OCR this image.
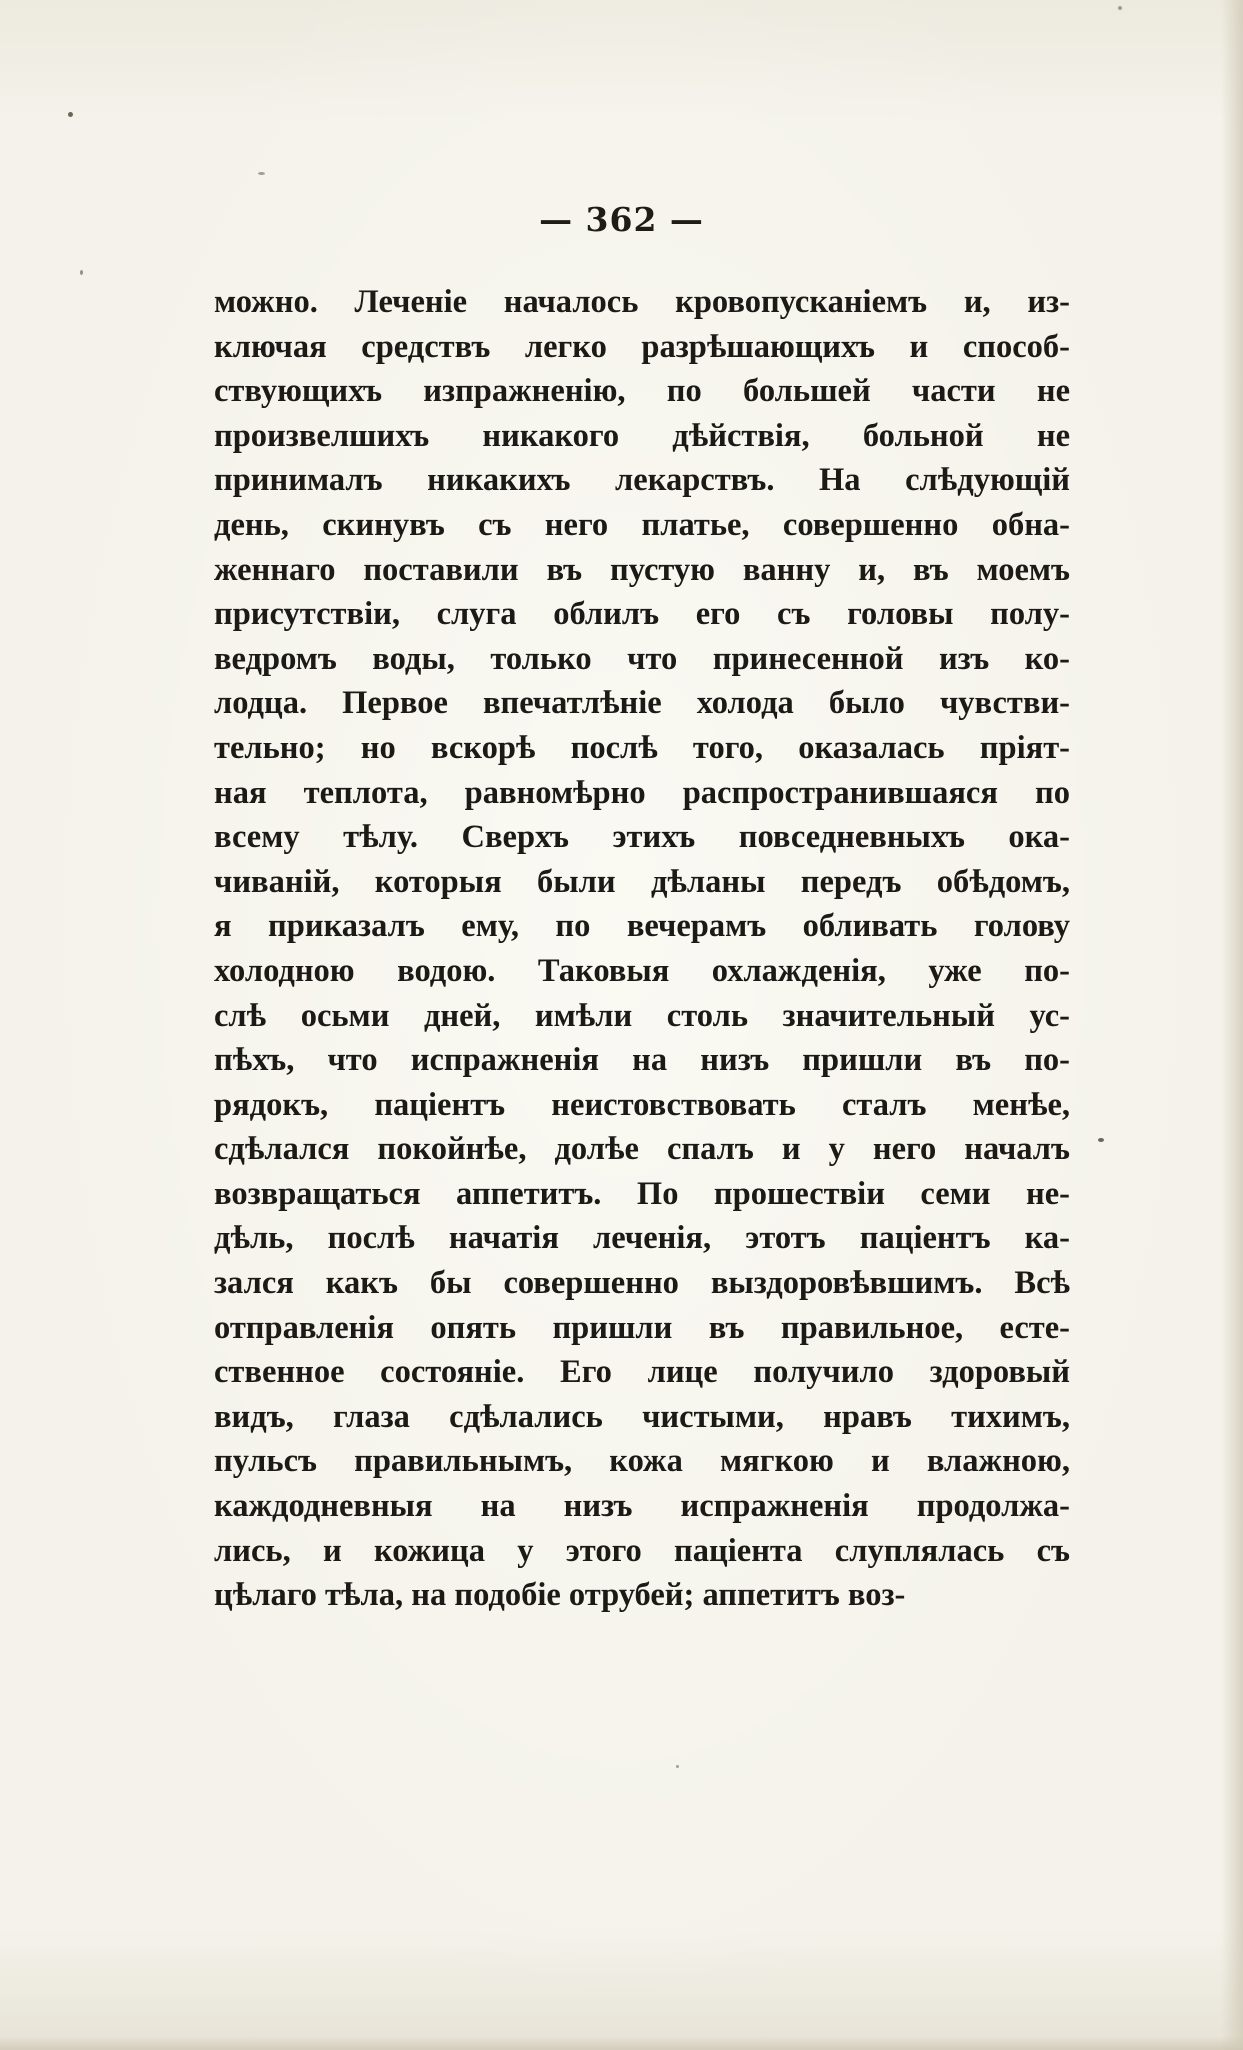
— 362 —
можно. Леченіе началось кровопусканіемъ и, из-
ключая средствъ легко разрѣшающихъ и способ-
ствующихъ изпражненію, по большей части не
произвелшихъ никакого дѣйствія, больной не
принималъ никакихъ лекарствъ. На слѣдующій
день, скинувъ съ него платье, совершенно обна-
женнаго поставили въ пустую ванну и, въ моемъ
присутствіи, слуга облилъ его съ головы полу-
ведромъ воды, только что принесенной изъ ко-
лодца. Первое впечатлѣніе холода было чувстви-
тельно; но вскорѣ послѣ того, оказалась пріят-
ная теплота, равномѣрно распространившаяся по
всему тѣлу. Сверхъ этихъ повседневныхъ ока-
чиваній, которыя были дѣланы передъ обѣдомъ,
я приказалъ ему, по вечерамъ обливать голову
холодною водою. Таковыя охлажденія, уже по-
слѣ осьми дней, имѣли столь значительный ус-
пѣхъ, что испражненія на низъ пришли въ по-
рядокъ, паціентъ неистовствовать сталъ менѣе,
сдѣлался покойнѣе, долѣе спалъ и у него началъ
возвращаться аппетитъ. По прошествіи семи не-
дѣль, послѣ начатія леченія, этотъ паціентъ ка-
зался какъ бы совершенно выздоровѣвшимъ. Всѣ
отправленія опять пришли въ правильное, есте-
ственное состояніе. Его лице получило здоровый
видъ, глаза сдѣлались чистыми, нравъ тихимъ,
пульсъ правильнымъ, кожа мягкою и влажною,
каждодневныя на низъ испражненія продолжа-
лись, и кожица у этого паціента слуплялась съ
цѣлаго тѣла, на подобіе отрубей; аппетитъ воз-
